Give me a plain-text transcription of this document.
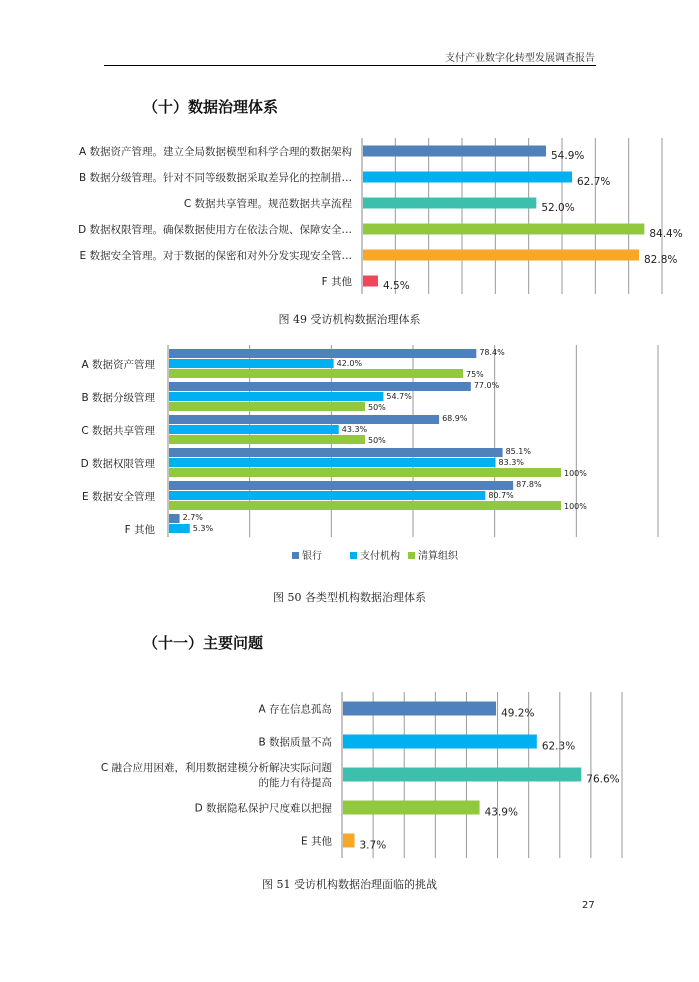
支付产业数字化转型发展调查报告
（十）数据治理体系
A 数据资产管理。建立全局数据模型和科学合理的数据架构	54.9%
B 数据分级管理。针对不同等级数据采取差异化的控制措…	62.7%
C 数据共享管理。规范数据共享流程	52.0%
D 数据权限管理。确保数据使用方在依法合规、保障安全…	84.4%
E 数据安全管理。对于数据的保密和对外分发实现安全管…	82.8%
F 其他	4.5%
图 49 受访机构数据治理体系
A 数据资产管理
78.4%
42.0%
75%
B 数据分级管理
77.0%
54.7%
50%
C 数据共享管理
68.9%
43.3%
50%
D 数据权限管理
85.1%
83.3%
100%
E 数据安全管理
87.8%
80.7%
100%
F 其他
2.7%
5.3%
银行	支付机构 清算组织
图 50 各类型机构数据治理体系
（十一）主要问题
A 存在信息孤岛	49.2%
B 数据质量不高	62.3%
C 融合应用困难，利用数据建模分析解决实际问题
的能力有待提高	76.6%
D 数据隐私保护尺度难以把握	43.9%
E 其他	3.7%
图 51 受访机构数据治理面临的挑战
27
